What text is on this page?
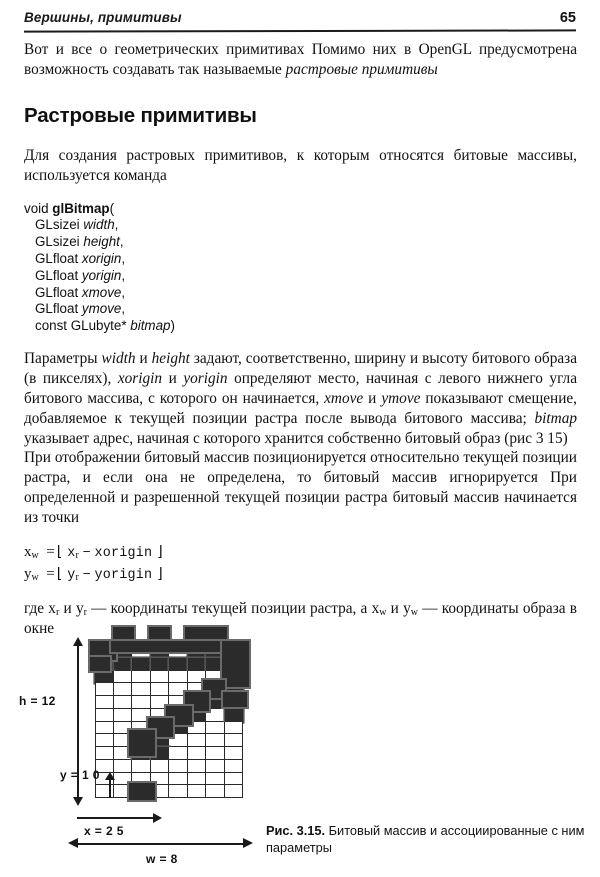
Вершины, примитивы	65

Вот и все о геометрических примитивах Помимо них в OpenGL предусмотрена возможность создавать так называемые растровые примитивы

Растровые примитивы

Для создания растровых примитивов, к которым относятся битовые массивы, используется команда

void glBitmap(
GLsizei width,
GLsizei height,
GLfloat xorigin,
GLfloat yorigin,
GLfloat xmove,
GLfloat ymove,
const GLubyte* bitmap)

Параметры width и height задают, соответственно, ширину и высоту битового образа (в пикселях), xorigin и yorigin определяют место, начиная с левого нижнего угла битового массива, с которого он начинается, xmove и ymove показывают смещение, добавляемое к текущей позиции растра после вывода битового массива; bitmap указывает адрес, начиная с которого хранится собственно битовый образ (рис 3 15)

При отображении битовый массив позиционируется относительно текущей позиции растра, и если она не определена, то битовый массив игнорируется При определенной и разрешенной текущей позиции растра битовый массив начинается из точки

$x_w$ =⌊ $x_r$ − xorigin ⌋
$y_w$ =⌊ $y_r$ − yorigin ⌋

где $x_r$ и $y_r$ — координаты текущей позиции растра, а $x_w$ и $y_w$ — координаты образа в окне

h = 12
y = 1 0
x = 2 5
w = 8
Рис. 3.15. Битовый массив и ассоциированные с ним параметры
